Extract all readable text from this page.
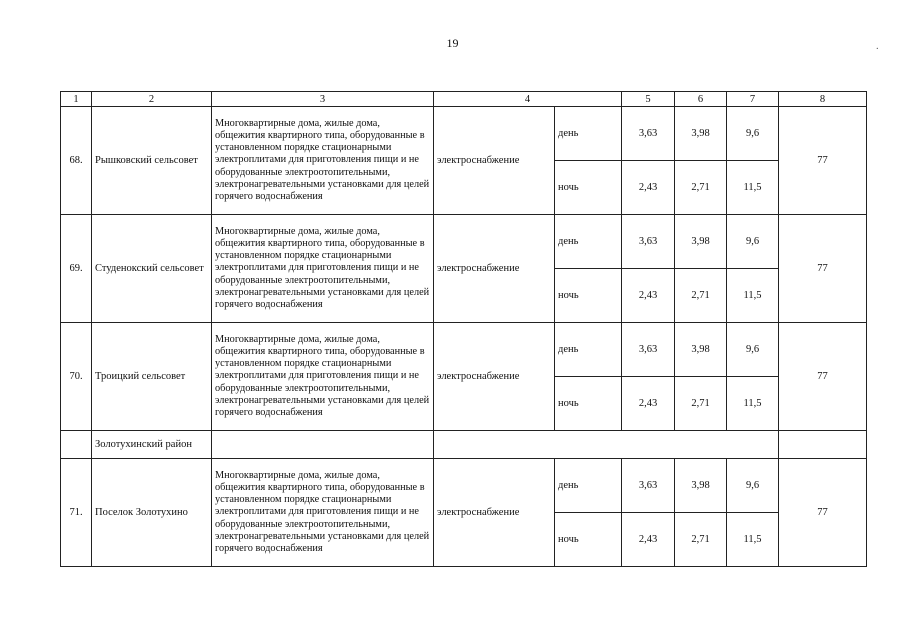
19	·
1	2	3	4		5	6	7	8
68.	Рышковский сельсовет	Многоквартирные дома, жилые дома, общежития квартирного типа, оборудованные в установленном порядке стационарными электроплитами для приготовления пищи и не оборудованные электроотопительными, электронагревательными установками для целей горячего водоснабжения	электроснабжение	день	3,63	3,98	9,6	77
				ночь	2,43	2,71	11,5	
69.	Студенокский сельсовет	Многоквартирные дома, жилые дома, общежития квартирного типа, оборудованные в установленном порядке стационарными электроплитами для приготовления пищи и не оборудованные электроотопительными, электронагревательными установками для целей горячего водоснабжения	электроснабжение	день	3,63	3,98	9,6	77
				ночь	2,43	2,71	11,5	
70.	Троицкий сельсовет	Многоквартирные дома, жилые дома, общежития квартирного типа, оборудованные в установленном порядке стационарными электроплитами для приготовления пищи и не оборудованные электроотопительными, электронагревательными установками для целей горячего водоснабжения	электроснабжение	день	3,63	3,98	9,6	77
				ночь	2,43	2,71	11,5	
	Золотухинский район							
71.	Поселок Золотухино	Многоквартирные дома, жилые дома, общежития квартирного типа, оборудованные в установленном порядке стационарными электроплитами для приготовления пищи и не оборудованные электроотопительными, электронагревательными установками для целей горячего водоснабжения	электроснабжение	день	3,63	3,98	9,6	77
				ночь	2,43	2,71	11,5	
